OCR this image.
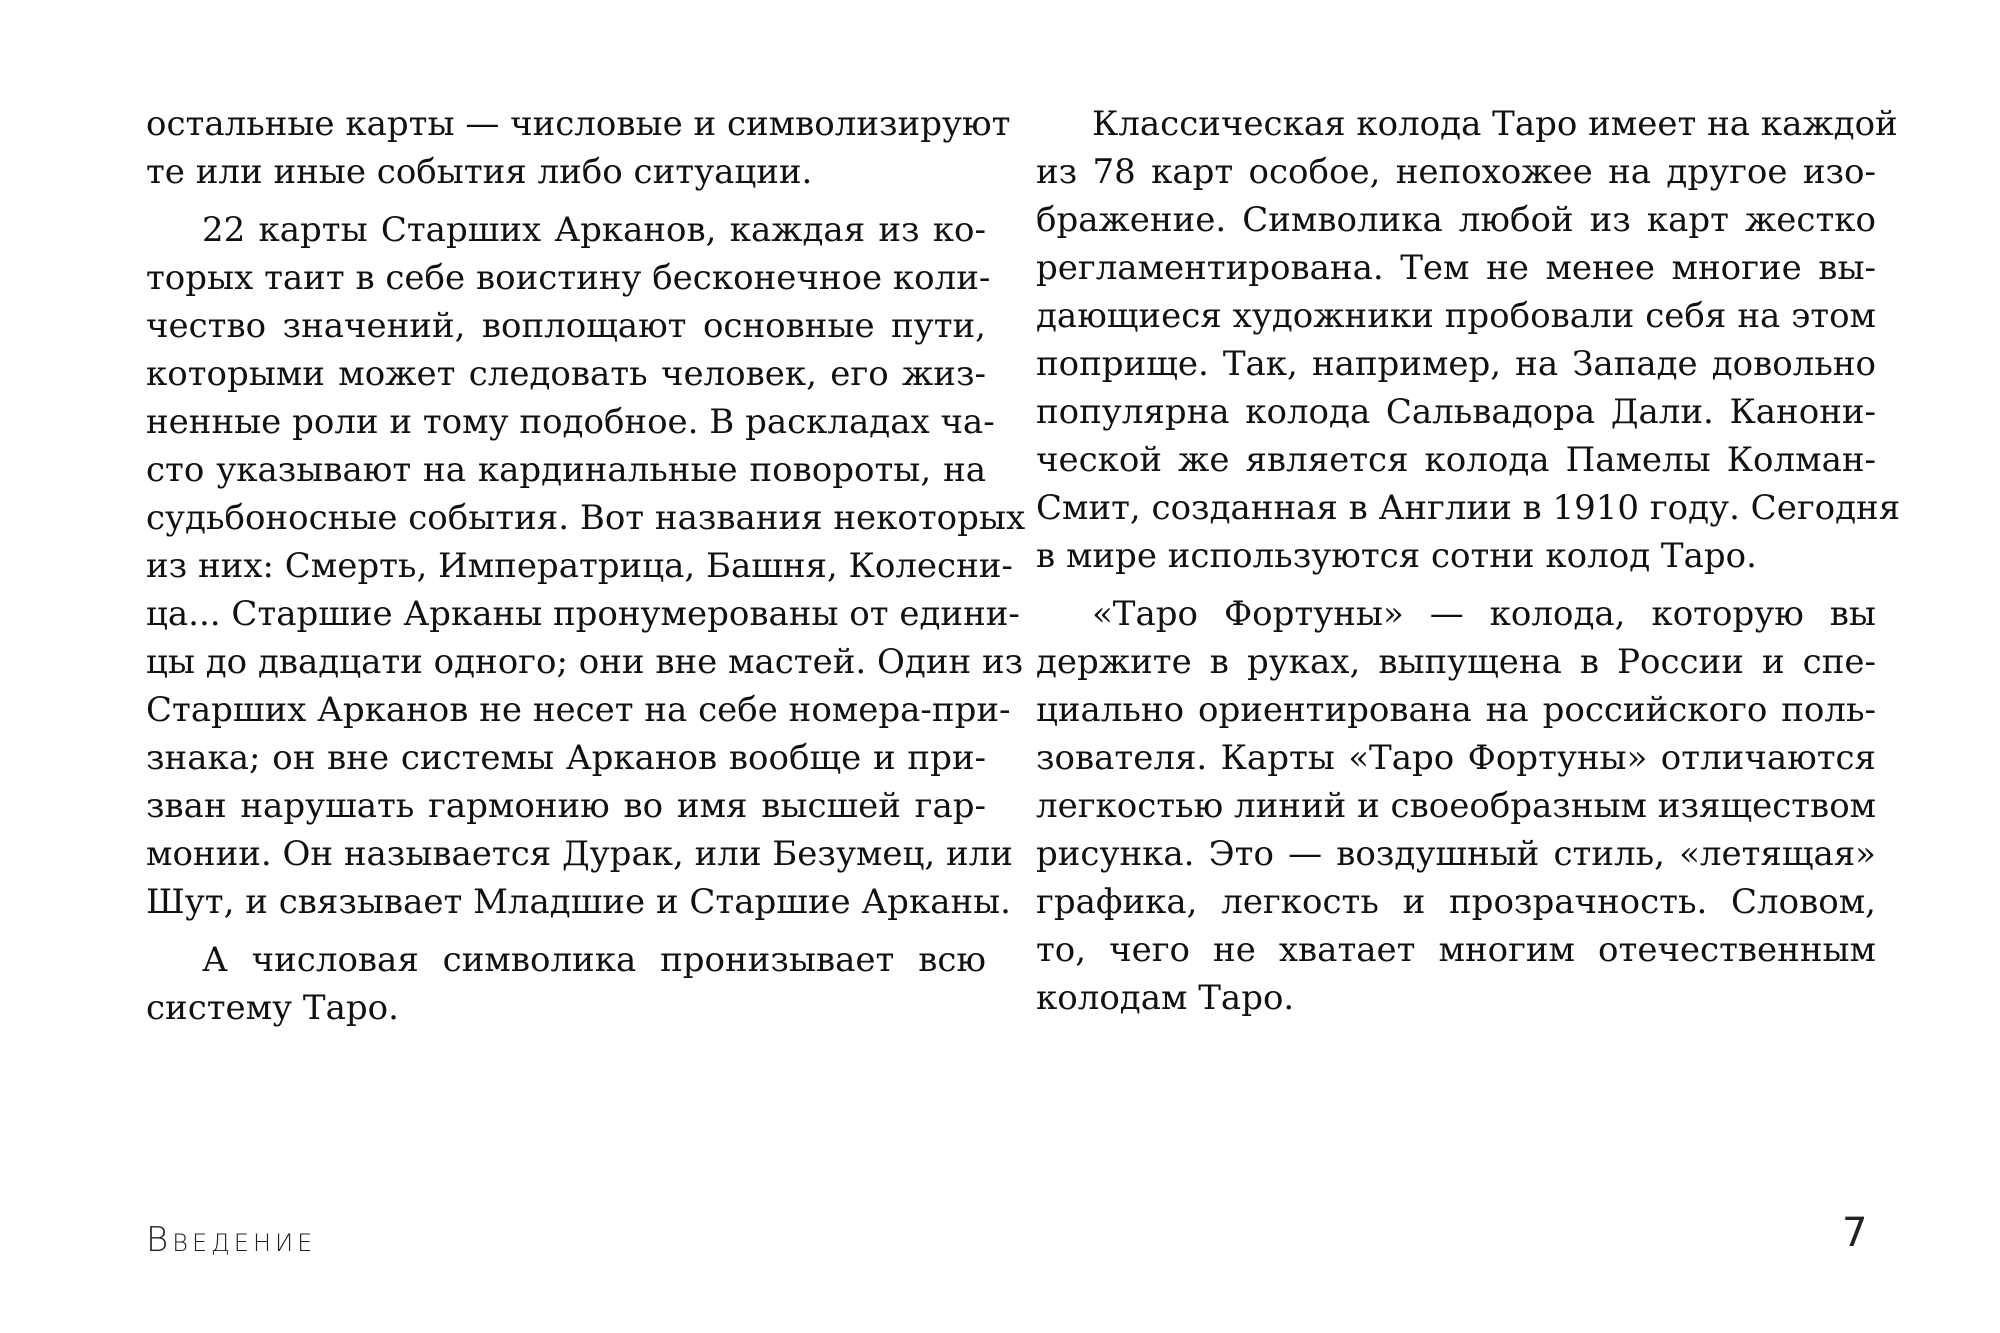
остальные карты — числовые и символизируют
те или иные события либо ситуации.
22 карты Старших Арканов, каждая из ко-
торых таит в себе воистину бесконечное коли-
чество значений, воплощают основные пути,
которыми может следовать человек, его жиз-
ненные роли и тому подобное. В раскладах ча-
сто указывают на кардинальные повороты, на
судьбоносные события. Вот названия некоторых
из них: Смерть, Императрица, Башня, Колесни-
ца... Старшие Арканы пронумерованы от едини-
цы до двадцати одного; они вне мастей. Один из
Старших Арканов не несет на себе номера-при-
знака; он вне системы Арканов вообще и при-
зван нарушать гармонию во имя высшей гар-
монии. Он называется Дурак, или Безумец, или
Шут, и связывает Младшие и Старшие Арканы.
А числовая символика пронизывает всю
систему Таро.
Классическая колода Таро имеет на каждой
из 78 карт особое, непохожее на другое изо-
бражение. Символика любой из карт жестко
регламентирована. Тем не менее многие вы-
дающиеся художники пробовали себя на этом
поприще. Так, например, на Западе довольно
популярна колода Сальвадора Дали. Канони-
ческой же является колода Памелы Колман-
Смит, созданная в Англии в 1910 году. Сегодня
в мире используются сотни колод Таро.
«Таро Фортуны» — колода, которую вы
держите в руках, выпущена в России и спе-
циально ориентирована на российского поль-
зователя. Карты «Таро Фортуны» отличаются
легкостью линий и своеобразным изяществом
рисунка. Это — воздушный стиль, «летящая»
графика, легкость и прозрачность. Словом,
то, чего не хватает многим отечественным
колодам Таро.
Введение	7
